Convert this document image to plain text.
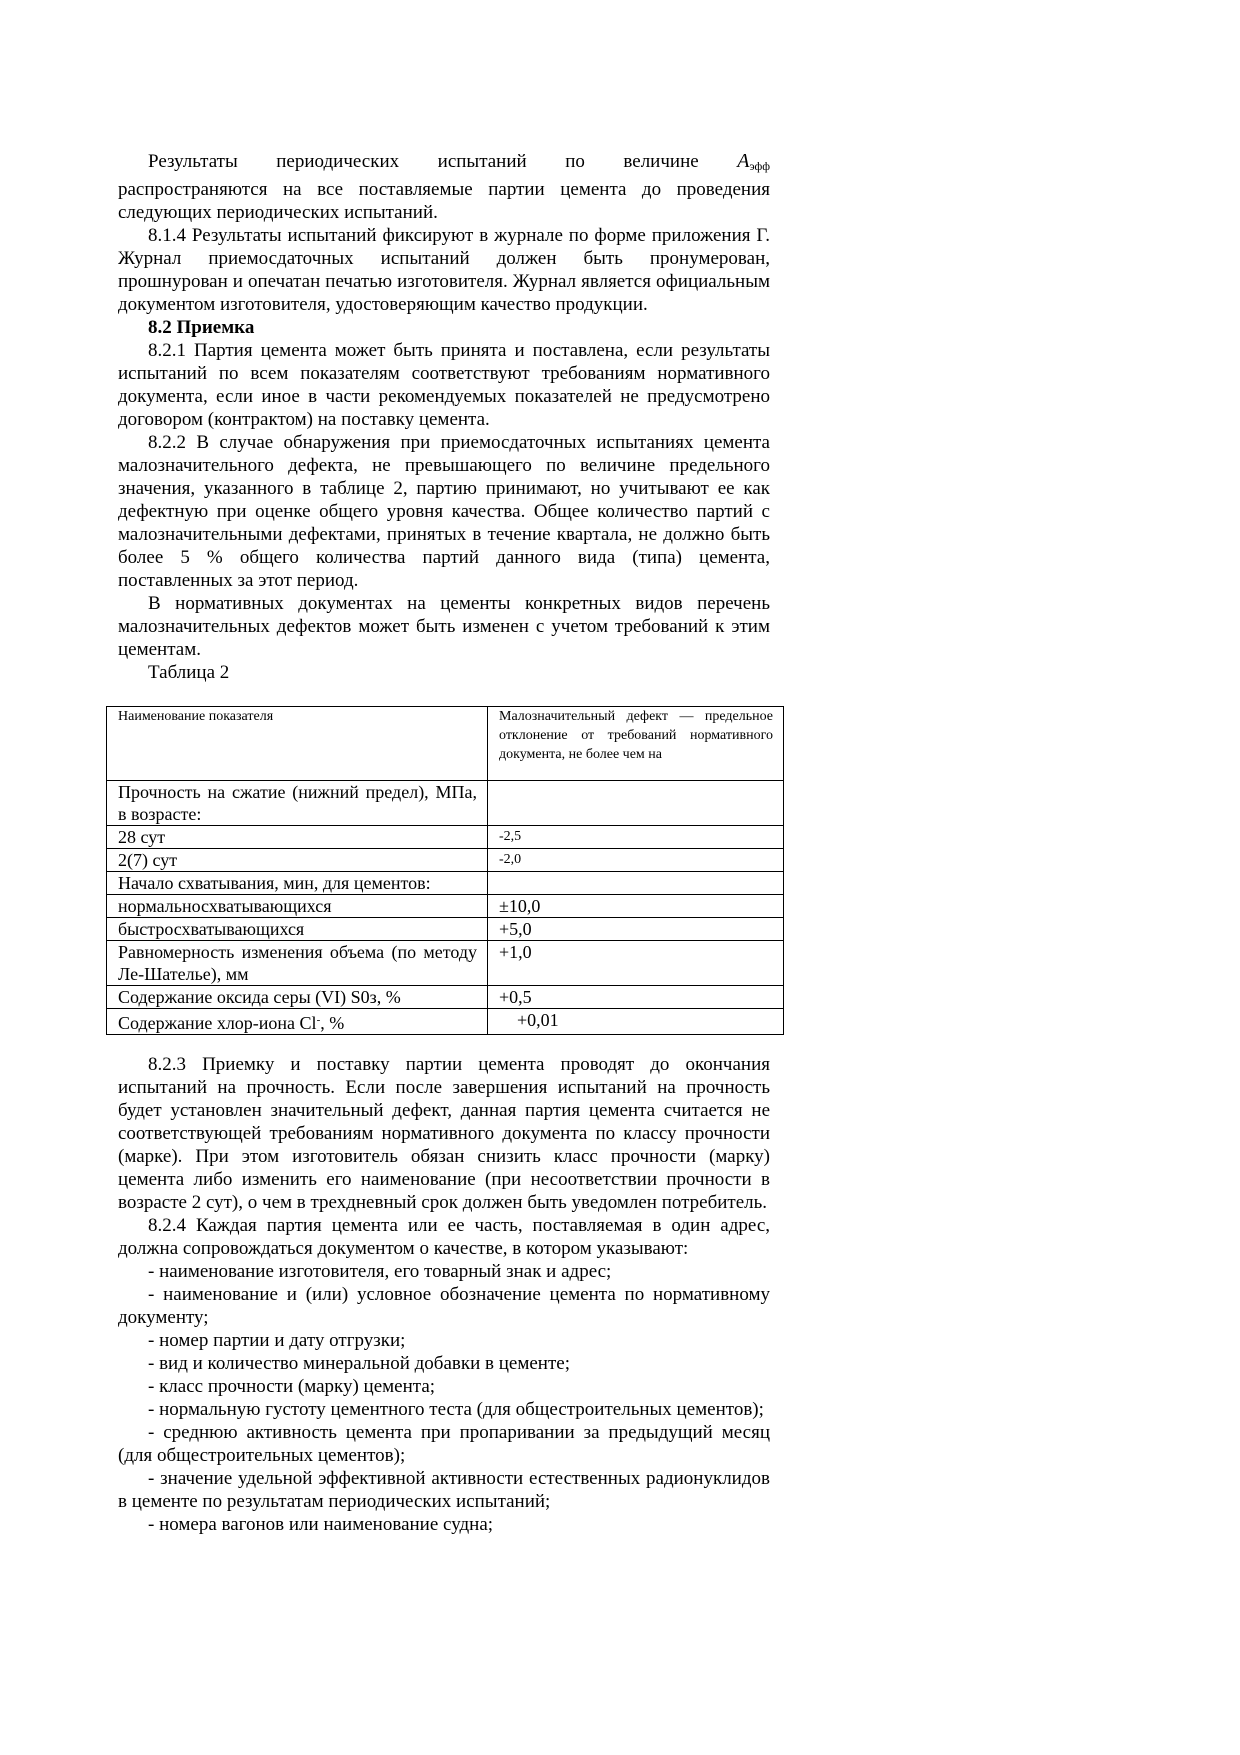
Результаты периодических испытаний по величине $A_{эфф}$

распространяются на все поставляемые партии цемента до проведения следующих периодических испытаний.

8.1.4 Результаты испытаний фиксируют в журнале по форме приложения Г. Журнал приемосдаточных испытаний должен быть пронумерован, прошнурован и опечатан печатью изготовителя. Журнал является официальным документом изготовителя, удостоверяющим качество продукции.

8.2 Приемка

8.2.1 Партия цемента может быть принята и поставлена, если результаты испытаний по всем показателям соответствуют требованиям нормативного документа, если иное в части рекомендуемых показателей не предусмотрено договором (контрактом) на поставку цемента.

8.2.2 В случае обнаружения при приемосдаточных испытаниях цемента малозначительного дефекта, не превышающего по величине предельного значения, указанного в таблице 2, партию принимают, но учитывают ее как дефектную при оценке общего уровня качества. Общее количество партий с малозначительными дефектами, принятых в течение квартала, не должно быть более 5 % общего количества партий данного вида (типа) цемента, поставленных за этот период.

В нормативных документах на цементы конкретных видов перечень малозначительных дефектов может быть изменен с учетом требований к этим цементам.

Таблица 2

Наименование показателя	Малозначительный дефект — предельное отклонение от требований нормативного документа, не более чем на
Прочность на сжатие (нижний предел), МПа, в возрасте:	
28 сут	-2,5
2(7) сут	-2,0
Начало схватывания, мин, для цементов:	
нормальносхватывающихся	±10,0
быстросхватывающихся	+5,0
Равномерность изменения объема (по методу Ле-Шателье), мм	+1,0
Содержание оксида серы (VI) S0з, %	+0,5
Содержание хлор-иона Cl-, %	+0,01

8.2.3 Приемку и поставку партии цемента проводят до окончания испытаний на прочность. Если после завершения испытаний на прочность будет установлен значительный дефект, данная партия цемента считается не соответствующей требованиям нормативного документа по классу прочности (марке). При этом изготовитель обязан снизить класс прочности (марку) цемента либо изменить его наименование (при несоответствии прочности в возрасте 2 сут), о чем в трехдневный срок должен быть уведомлен потребитель.

8.2.4 Каждая партия цемента или ее часть, поставляемая в один адрес, должна сопровождаться документом о качестве, в котором указывают:

- наименование изготовителя, его товарный знак и адрес;

- наименование и (или) условное обозначение цемента по нормативному документу;

- номер партии и дату отгрузки;

- вид и количество минеральной добавки в цементе;

- класс прочности (марку) цемента;

- нормальную густоту цементного теста (для общестроительных цементов);

- среднюю активность цемента при пропаривании за предыдущий месяц (для общестроительных цементов);

- значение удельной эффективной активности естественных радионуклидов в цементе по результатам периодических испытаний;

- номера вагонов или наименование судна;
